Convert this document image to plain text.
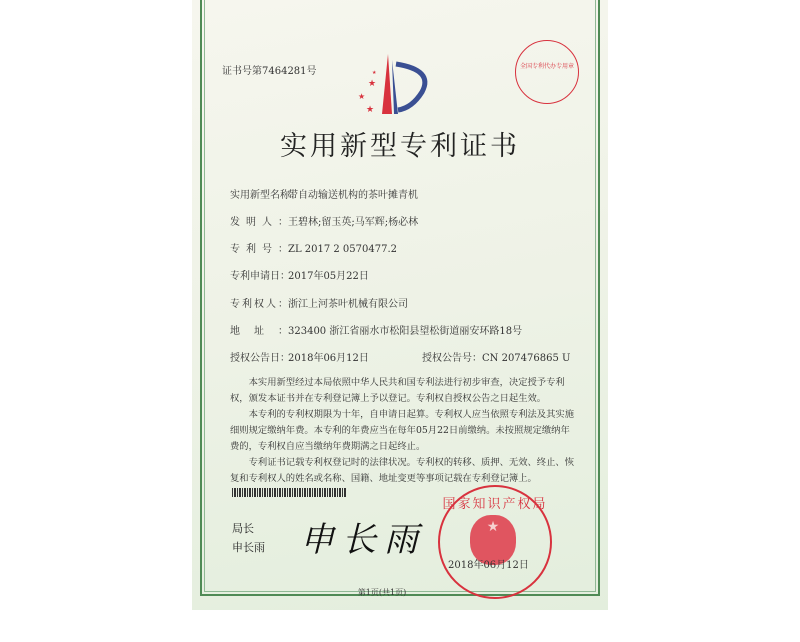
证书号第7464281号
★
★
★
★
全国专利代办专用章
实用新型专利证书
实用新型名称：带自动输送机构的茶叶摊青机
发明人：王碧林;留玉英;马军辉;杨必林
专利号：ZL 2017 2 0570477.2
专利申请日：2017年05月22日
专利权人：浙江上河茶叶机械有限公司
地址：323400 浙江省丽水市松阳县望松街道丽安环路18号
授权公告日：2018年06月12日	授权公告号：CN 207476865 U

本实用新型经过本局依照中华人民共和国专利法进行初步审查，决定授予专利权，颁发本证书并在专利登记簿上予以登记。专利权自授权公告之日起生效。

本专利的专利权期限为十年，自申请日起算。专利权人应当依照专利法及其实施细则规定缴纳年费。本专利的年费应当在每年05月22日前缴纳。未按照规定缴纳年费的，专利权自应当缴纳年费期满之日起终止。

专利证书记载专利权登记时的法律状况。专利权的转移、质押、无效、终止、恢复和专利权人的姓名或名称、国籍、地址变更等事项记载在专利登记簿上。

局长
申长雨 申长雨
国家知识产权局
★
2018年06月12日
第1页(共1页)
